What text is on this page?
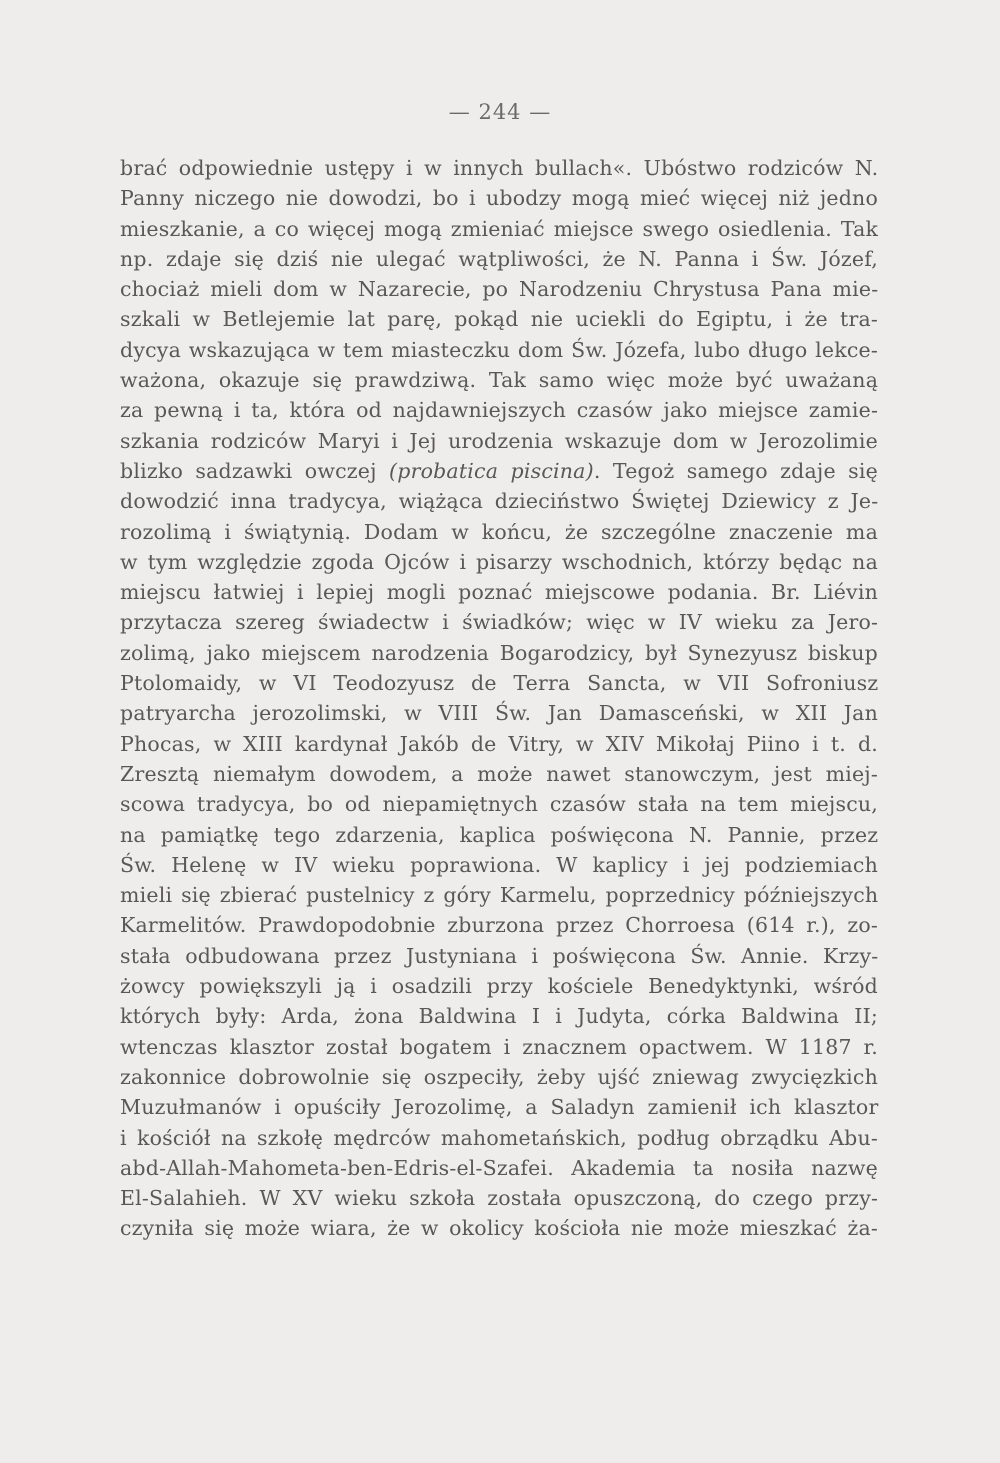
— 244 —
brać odpowiednie ustępy i w innych bullach«. Ubóstwo rodziców N.
Panny niczego nie dowodzi, bo i ubodzy mogą mieć więcej niż jedno
mieszkanie, a co więcej mogą zmieniać miejsce swego osiedlenia. Tak
np. zdaje się dziś nie ulegać wątpliwości, że N. Panna i Św. Józef,
chociaż mieli dom w Nazarecie, po Narodzeniu Chrystusa Pana mie-
szkali w Betlejemie lat parę, pokąd nie uciekli do Egiptu, i że tra-
dycya wskazująca w tem miasteczku dom Św. Józefa, lubo długo lekce-
ważona, okazuje się prawdziwą. Tak samo więc może być uważaną
za pewną i ta, która od najdawniejszych czasów jako miejsce zamie-
szkania rodziców Maryi i Jej urodzenia wskazuje dom w Jerozolimie
blizko sadzawki owczej (probatica piscina). Tegoż samego zdaje się
dowodzić inna tradycya, wiążąca dzieciństwo Świętej Dziewicy z Je-
rozolimą i świątynią. Dodam w końcu, że szczególne znaczenie ma
w tym względzie zgoda Ojców i pisarzy wschodnich, którzy będąc na
miejscu łatwiej i lepiej mogli poznać miejscowe podania. Br. Liévin
przytacza szereg świadectw i świadków; więc w IV wieku za Jero-
zolimą, jako miejscem narodzenia Bogarodzicy, był Synezyusz biskup
Ptolomaidy, w VI Teodozyusz de Terra Sancta, w VII Sofroniusz
patryarcha jerozolimski, w VIII Św. Jan Damasceński, w XII Jan
Phocas, w XIII kardynał Jakób de Vitry, w XIV Mikołaj Piino i t. d.
Zresztą niemałym dowodem, a może nawet stanowczym, jest miej-
scowa tradycya, bo od niepamiętnych czasów stała na tem miejscu,
na pamiątkę tego zdarzenia, kaplica poświęcona N. Pannie, przez
Św. Helenę w IV wieku poprawiona. W kaplicy i jej podziemiach
mieli się zbierać pustelnicy z góry Karmelu, poprzednicy późniejszych
Karmelitów. Prawdopodobnie zburzona przez Chorroesa (614 r.), zo-
stała odbudowana przez Justyniana i poświęcona Św. Annie. Krzy-
żowcy powiększyli ją i osadzili przy kościele Benedyktynki, wśród
których były: Arda, żona Baldwina I i Judyta, córka Baldwina II;
wtenczas klasztor został bogatem i znacznem opactwem. W 1187 r.
zakonnice dobrowolnie się oszpeciły, żeby ujść zniewag zwycięzkich
Muzułmanów i opuściły Jerozolimę, a Saladyn zamienił ich klasztor
i kościół na szkołę mędrców mahometańskich, podług obrządku Abu-
abd-Allah-Mahometa-ben-Edris-el-Szafei. Akademia ta nosiła nazwę
El-Salahieh. W XV wieku szkoła została opuszczoną, do czego przy-
czyniła się może wiara, że w okolicy kościoła nie może mieszkać ża-
